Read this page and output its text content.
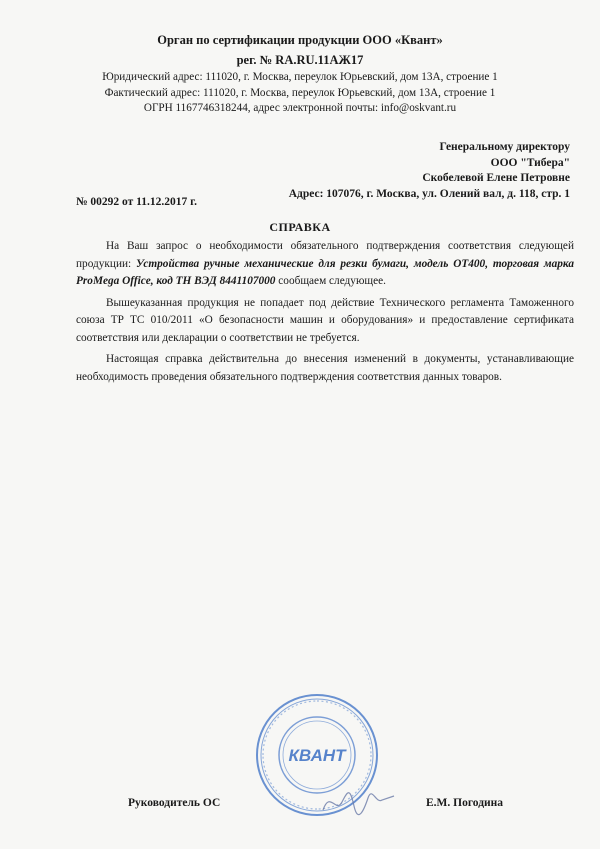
Орган по сертификации продукции ООО «Квант»
рег. № RA.RU.11АЖ17
Юридический адрес: 111020, г. Москва, переулок Юрьевский, дом 13А, строение 1
Фактический адрес: 111020, г. Москва, переулок Юрьевский, дом 13А, строение 1
ОГРН 1167746318244, адрес электронной почты: info@oskvant.ru
Генеральному директору
ООО "Тибера"
Скобелевой Елене Петровне
Адрес: 107076, г. Москва, ул. Олений вал, д. 118, стр. 1
№ 00292 от 11.12.2017 г.
СПРАВКА

На Ваш запрос о необходимости обязательного подтверждения соответствия следующей продукции: Устройства ручные механические для резки бумаги, модель OT400, торговая марка ProMega Office, код ТН ВЭД 8441107000 сообщаем следующее.

Вышеуказанная продукция не попадает под действие Технического регламента Таможенного союза ТР ТС 010/2011 «О безопасности машин и оборудования» и предоставление сертификата соответствия или декларации о соответствии не требуется.

Настоящая справка действительна до внесения изменений в документы, устанавливающие необходимость проведения обязательного подтверждения соответствия данных товаров.

КВАНТ
Руководитель ОС	Е.М. Погодина
